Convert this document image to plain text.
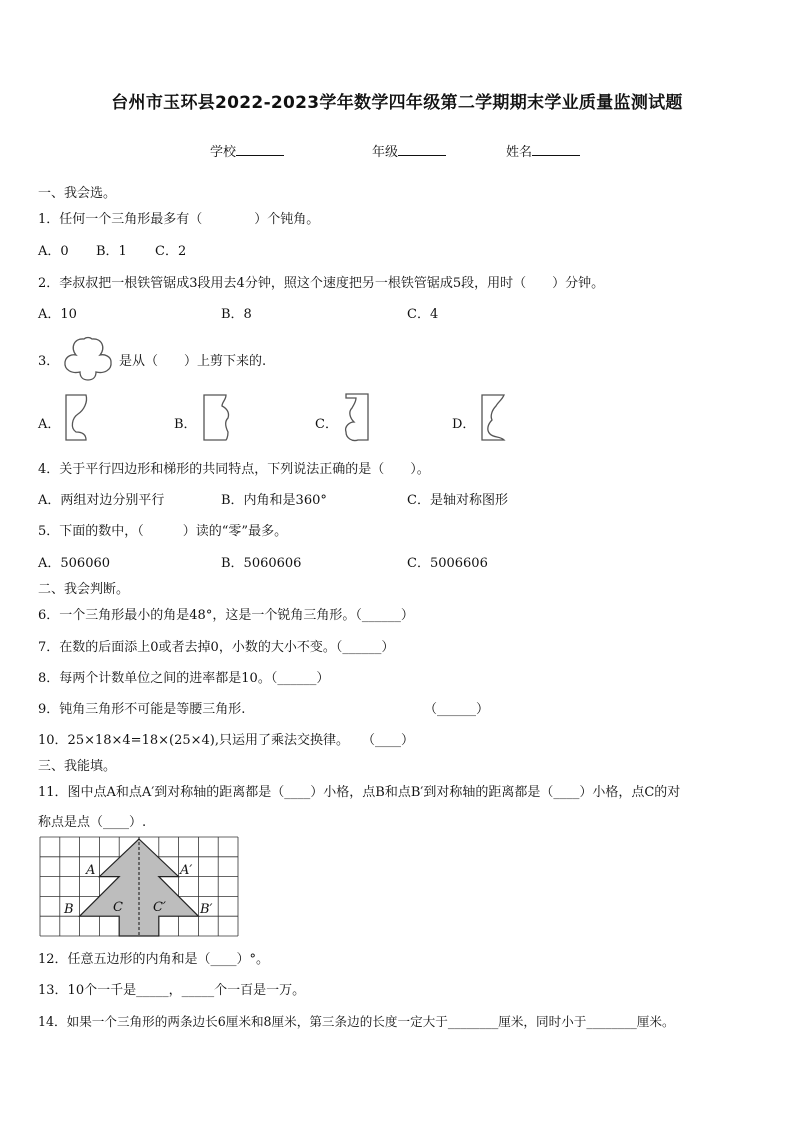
台州市玉环县2022-2023学年数学四年级第二学期期末学业质量监测试题
学校	年级	姓名
一、我会选。
1．任何一个三角形最多有（　　　　）个钝角。
A．0 B．1 C．2
2．李叔叔把一根铁管锯成3段用去4分钟，照这个速度把另一根铁管锯成5段，用时（　　）分钟。
A．10	B．8	C．4
3．	是从（　　）上剪下来的.
A．	B．	C．	D．
4．关于平行四边形和梯形的共同特点，下列说法正确的是（　　）。
A．两组对边分别平行	B．内角和是360°	C．是轴对称图形
5．下面的数中，（　　　）读的“零”最多。
A．506060	B．5060606	C．5006606
二、我会判断。
6．一个三角形最小的角是48°，这是一个锐角三角形。（______）
7．在数的后面添上0或者去掉0，小数的大小不变。（______）
8．每两个计数单位之间的进率都是10。（______）
9．钝角三角形不可能是等腰三角形.	（______）
10．25×18×4=18×(25×4),只运用了乘法交换律。 （____）
三、我能填。
11．图中点A和点A′到对称轴的距离都是（____）小格，点B和点B′到对称轴的距离都是（____）小格，点C的对
称点是点（____）.
A	A′
B	B′
C C′
12．任意五边形的内角和是（____）°。
13．10个一千是_____，_____个一百是一万。
14．如果一个三角形的两条边长6厘米和8厘米，第三条边的长度一定大于________厘米，同时小于________厘米。
